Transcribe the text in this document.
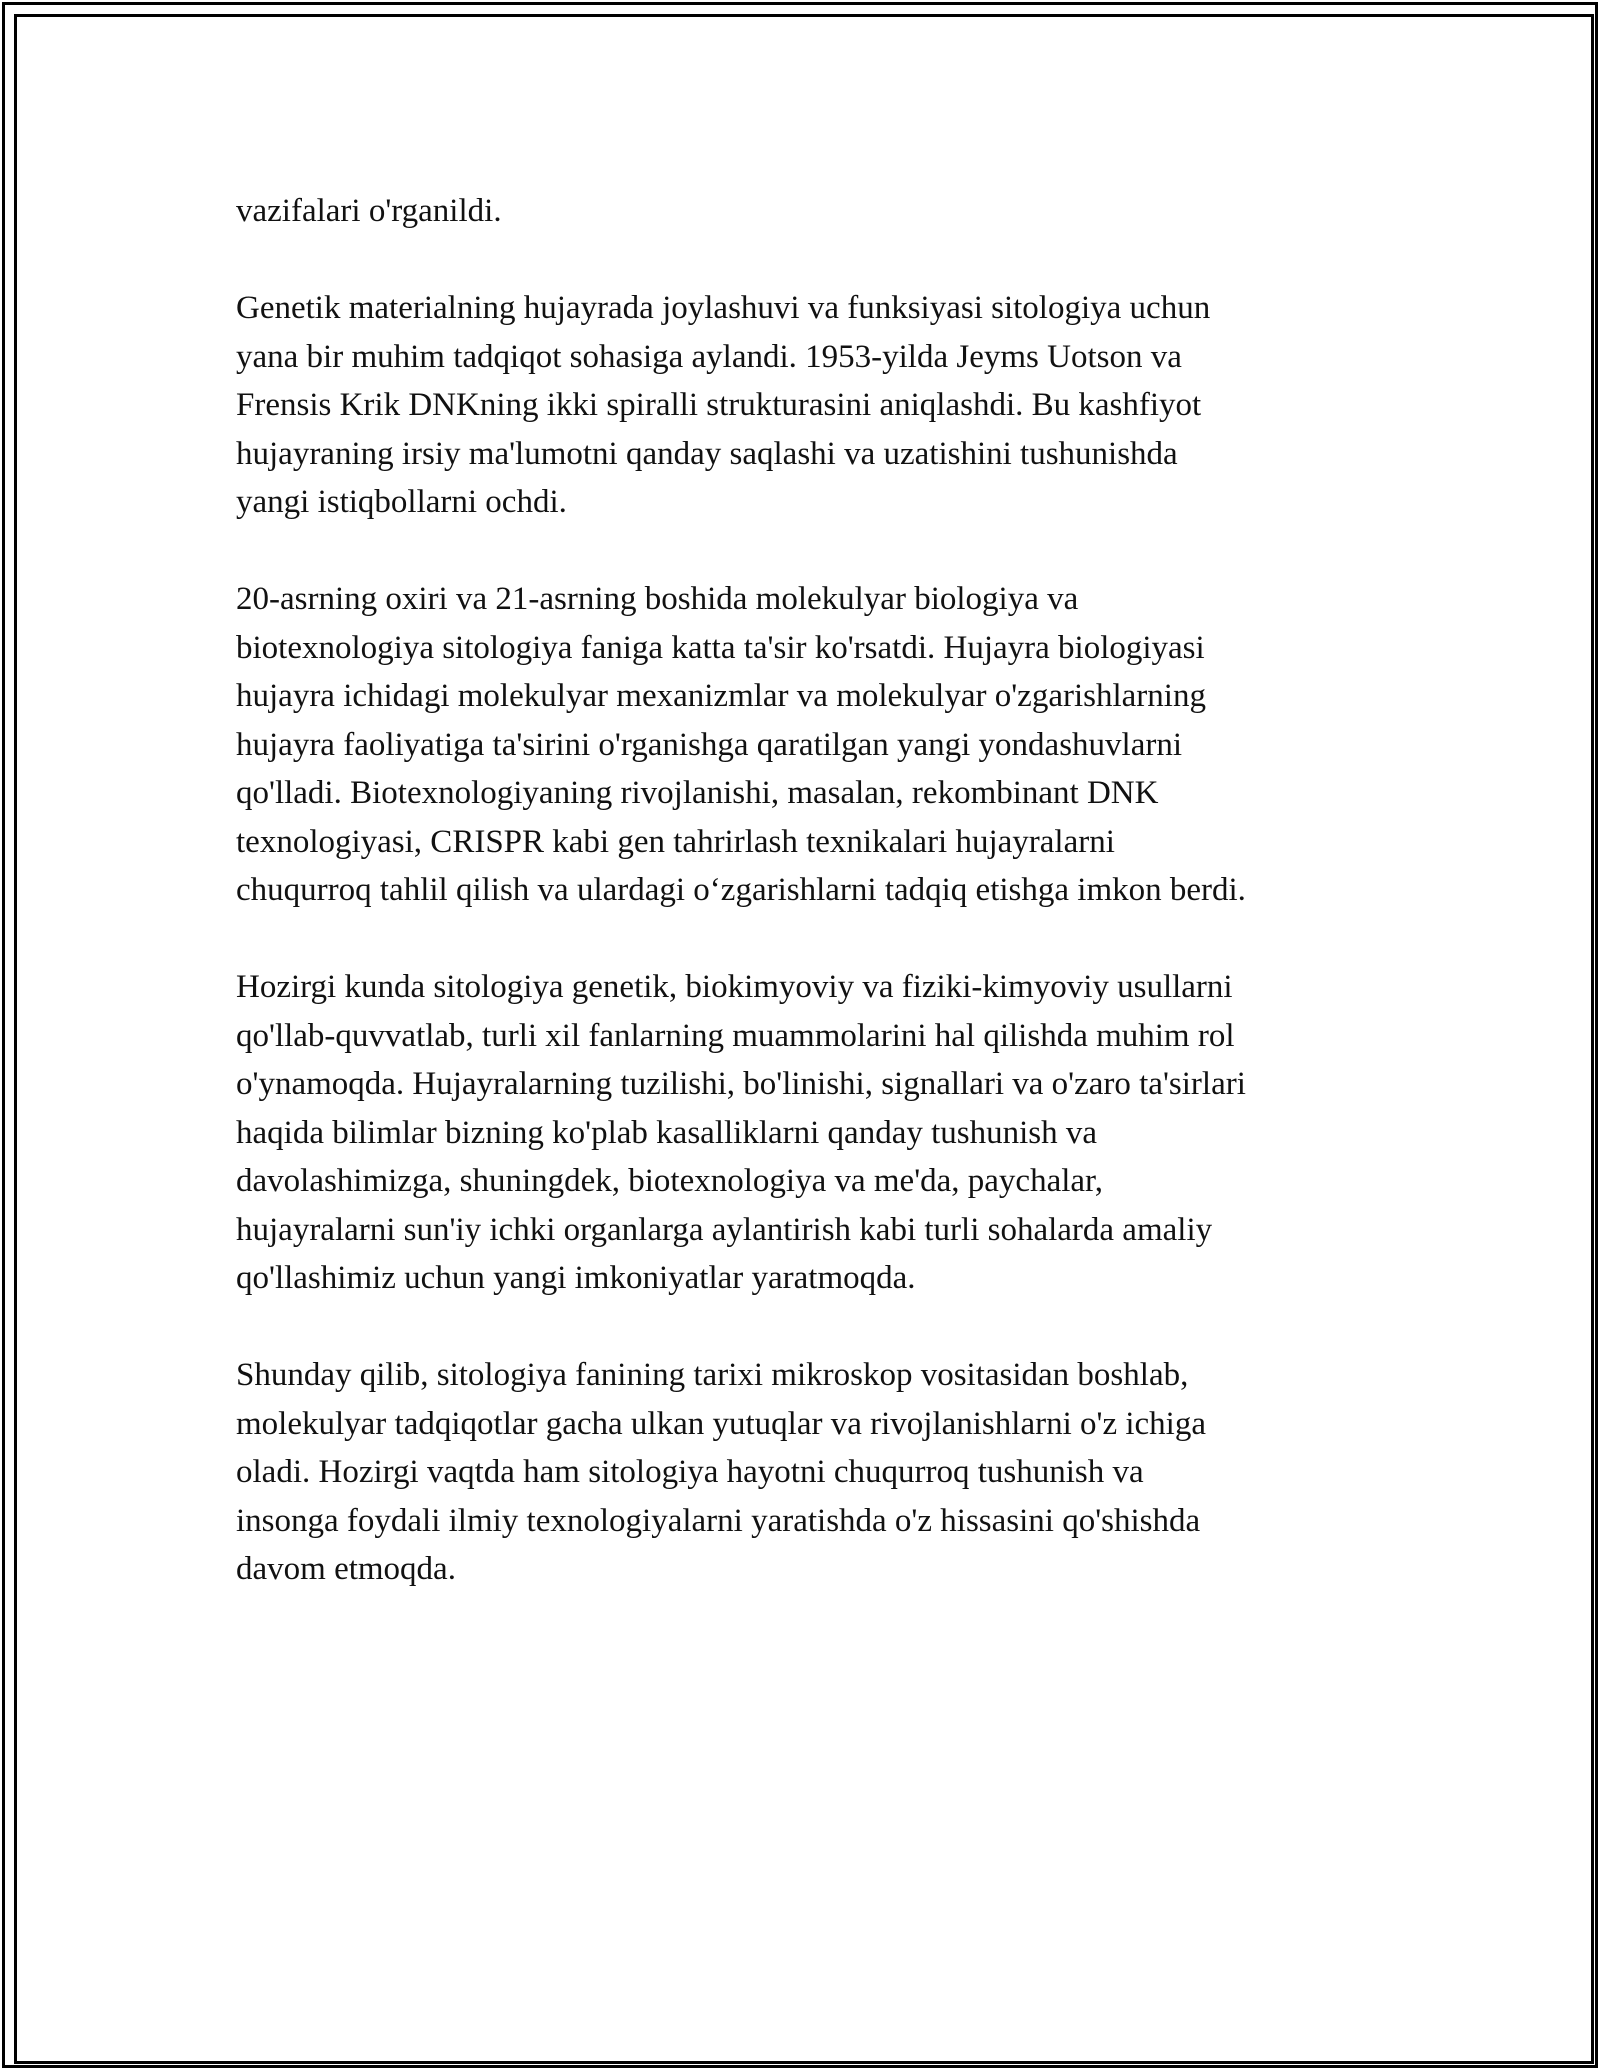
vazifalari o'rganildi.

Genetik materialning hujayrada joylashuvi va funksiyasi sitologiya uchun
yana bir muhim tadqiqot sohasiga aylandi. 1953-yilda Jeyms Uotson va
Frensis Krik DNKning ikki spiralli strukturasini aniqlashdi. Bu kashfiyot
hujayraning irsiy ma'lumotni qanday saqlashi va uzatishini tushunishda
yangi istiqbollarni ochdi.

20-asrning oxiri va 21-asrning boshida molekulyar biologiya va
biotexnologiya sitologiya faniga katta ta'sir ko'rsatdi. Hujayra biologiyasi
hujayra ichidagi molekulyar mexanizmlar va molekulyar o'zgarishlarning
hujayra faoliyatiga ta'sirini o'rganishga qaratilgan yangi yondashuvlarni
qo'lladi. Biotexnologiyaning rivojlanishi, masalan, rekombinant DNK
texnologiyasi, CRISPR kabi gen tahrirlash texnikalari hujayralarni
chuqurroq tahlil qilish va ulardagi o‘zgarishlarni tadqiq etishga imkon berdi.

Hozirgi kunda sitologiya genetik, biokimyoviy va fiziki-kimyoviy usullarni
qo'llab-quvvatlab, turli xil fanlarning muammolarini hal qilishda muhim rol
o'ynamoqda. Hujayralarning tuzilishi, bo'linishi, signallari va o'zaro ta'sirlari
haqida bilimlar bizning ko'plab kasalliklarni qanday tushunish va
davolashimizga, shuningdek, biotexnologiya va me'da, paychalar,
hujayralarni sun'iy ichki organlarga aylantirish kabi turli sohalarda amaliy
qo'llashimiz uchun yangi imkoniyatlar yaratmoqda.

Shunday qilib, sitologiya fanining tarixi mikroskop vositasidan boshlab,
molekulyar tadqiqotlar gacha ulkan yutuqlar va rivojlanishlarni o'z ichiga
oladi. Hozirgi vaqtda ham sitologiya hayotni chuqurroq tushunish va
insonga foydali ilmiy texnologiyalarni yaratishda o'z hissasini qo'shishda
davom etmoqda.
